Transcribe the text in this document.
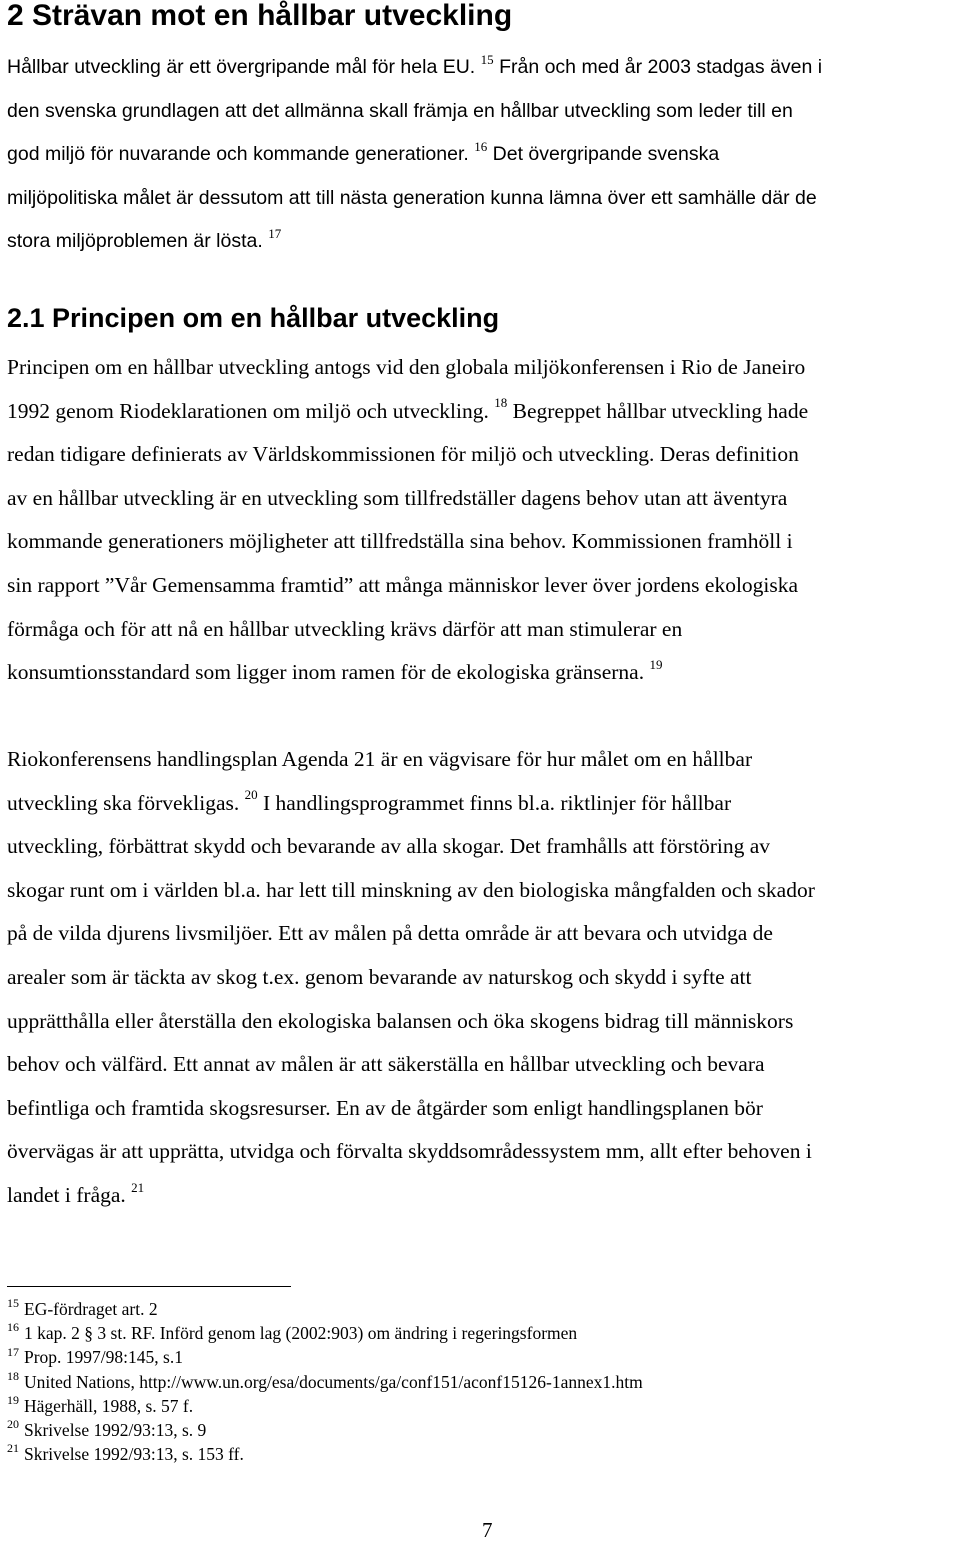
2 Strävan mot en hållbar utveckling
Hållbar utveckling är ett övergripande mål för hela EU. $^{15}$ Från och med år 2003 stadgas även i
den svenska grundlagen att det allmänna skall främja en hållbar utveckling som leder till en
god miljö för nuvarande och kommande generationer. $^{16}$ Det övergripande svenska
miljöpolitiska målet är dessutom att till nästa generation kunna lämna över ett samhälle där de
stora miljöproblemen är lösta. $^{17}$
2.1 Principen om en hållbar utveckling
Principen om en hållbar utveckling antogs vid den globala miljökonferensen i Rio de Janeiro
1992 genom Riodeklarationen om miljö och utveckling. $^{18}$ Begreppet hållbar utveckling hade
redan tidigare definierats av Världskommissionen för miljö och utveckling. Deras definition
av en hållbar utveckling är en utveckling som tillfredställer dagens behov utan att äventyra
kommande generationers möjligheter att tillfredställa sina behov. Kommissionen framhöll i
sin rapport ”Vår Gemensamma framtid” att många människor lever över jordens ekologiska
förmåga och för att nå en hållbar utveckling krävs därför att man stimulerar en
konsumtionsstandard som ligger inom ramen för de ekologiska gränserna. $^{19}$
Riokonferensens handlingsplan Agenda 21 är en vägvisare för hur målet om en hållbar
utveckling ska förvekligas. $^{20}$ I handlingsprogrammet finns bl.a. riktlinjer för hållbar
utveckling, förbättrat skydd och bevarande av alla skogar. Det framhålls att förstöring av
skogar runt om i världen bl.a. har lett till minskning av den biologiska mångfalden och skador
på de vilda djurens livsmiljöer. Ett av målen på detta område är att bevara och utvidga de
arealer som är täckta av skog t.ex. genom bevarande av naturskog och skydd i syfte att
upprätthålla eller återställa den ekologiska balansen och öka skogens bidrag till människors
behov och välfärd. Ett annat av målen är att säkerställa en hållbar utveckling och bevara
befintliga och framtida skogsresurser. En av de åtgärder som enligt handlingsplanen bör
övervägas är att upprätta, utvidga och förvalta skyddsområdessystem mm, allt efter behoven i
landet i fråga. $^{21}$
$^{15}$ EG-fördraget art. 2
$^{16}$ 1 kap. 2 § 3 st. RF. Införd genom lag (2002:903) om ändring i regeringsformen
$^{17}$ Prop. 1997/98:145, s.1
$^{18}$ United Nations, http://www.un.org/esa/documents/ga/conf151/aconf15126-1annex1.htm
$^{19}$ Hägerhäll, 1988, s. 57 f.
$^{20}$ Skrivelse 1992/93:13, s. 9
$^{21}$ Skrivelse 1992/93:13, s. 153 ff.
7
